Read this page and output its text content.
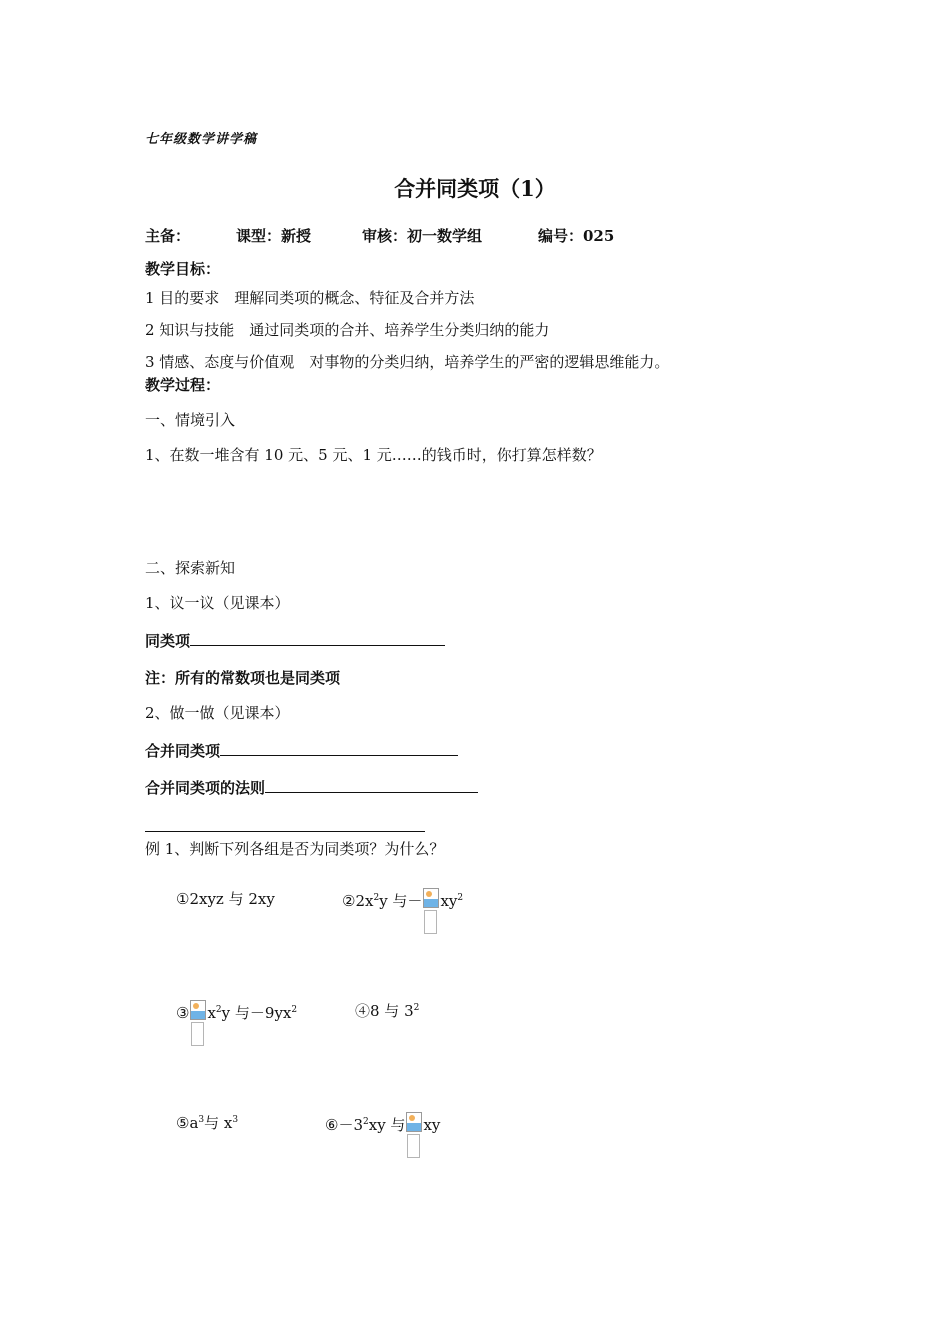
七年级数学讲学稿
合并同类项（1）
主备：	课型：新授	审核：初一数学组	编号：025
教学目标：
1 目的要求　理解同类项的概念、特征及合并方法
2 知识与技能　通过同类项的合并、培养学生分类归纳的能力
3 情感、态度与价值观　对事物的分类归纳，培养学生的严密的逻辑思维能力。
教学过程：
一、情境引入
1、在数一堆含有 10 元、5 元、1 元……的钱币时，你打算怎样数？
二、探索新知
1、议一议（见课本）
同类项
注：所有的常数项也是同类项
2、做一做（见课本）
合并同类项
合并同类项的法则
例 1、判断下列各组是否为同类项？为什么？
①2xyz 与 2xy	$②2x^2y$ 与－ $xy^2$
③ $x^2y$ 与$-9yx^2$	④8 与 $3^2$
$⑤a^3$与 $x^3$	$⑥-3^2xy$ 与 xy
